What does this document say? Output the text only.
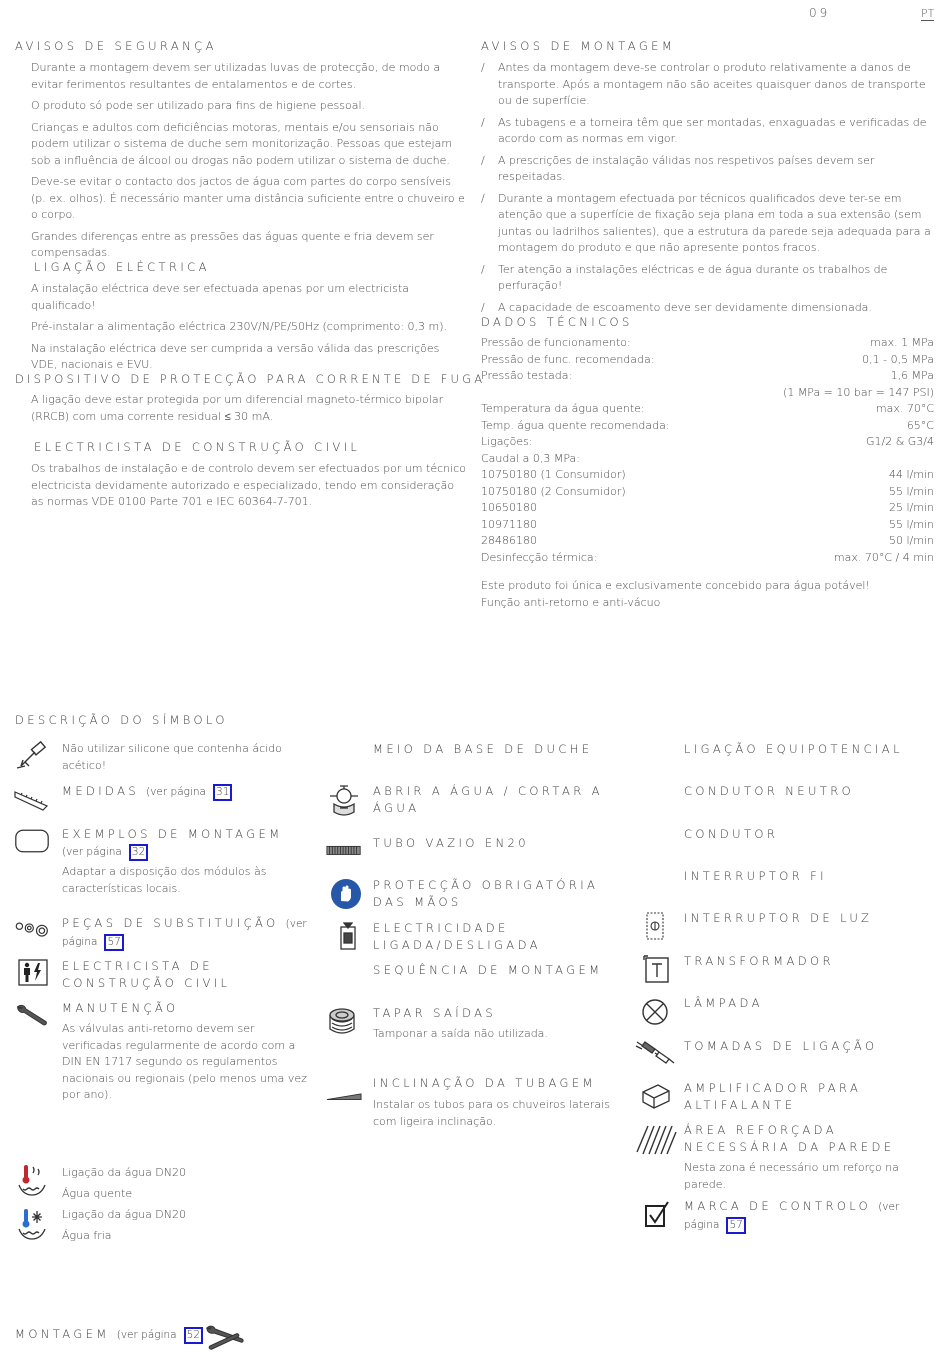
09	PT
AVISOS DE SEGURANÇA

Durante a montagem devem ser utilizadas luvas de protecção, de modo a evitar ferimentos resultantes de entalamentos e de cortes.

O produto só pode ser utilizado para fins de higiene pessoal.

Crianças e adultos com deficiências motoras, mentais e/ou sensoriais não podem utilizar o sistema de duche sem monitorização. Pessoas que estejam sob a influência de álcool ou drogas não podem utilizar o sistema de duche.

Deve-se evitar o contacto dos jactos de água com partes do corpo sensíveis (p. ex. olhos). É necessário manter uma distância suficiente entre o chuveiro e o corpo.

Grandes diferenças entre as pressões das águas quente e fria devem ser compensadas.

LIGAÇÃO ELÉCTRICA

A instalação eléctrica deve ser efectuada apenas por um electricista qualificado!

Pré-instalar a alimentação eléctrica 230V/N/PE/50Hz (comprimento: 0,3 m).

Na instalação eléctrica deve ser cumprida a versão válida das prescrições VDE, nacionais e EVU.

DISPOSITIVO DE PROTECÇÃO PARA CORRENTE DE FUGA

A ligação deve estar protegida por um diferencial magneto-térmico bipolar (RRCB) com uma corrente residual ≤ 30 mA.

ELECTRICISTA DE CONSTRUÇÃO CIVIL

Os trabalhos de instalação e de controlo devem ser efectuados por um técnico electricista devidamente autorizado e especializado, tendo em consideração as normas VDE 0100 Parte 701 e IEC 60364-7-701.

AVISOS DE MONTAGEM
/ Antes da montagem deve-se controlar o produto relativamente a danos de transporte. Após a montagem não são aceites quaisquer danos de transporte ou de superfície.
/ As tubagens e a torneira têm que ser montadas, enxaguadas e verificadas de acordo com as normas em vigor.
/ A prescrições de instalação válidas nos respetivos países devem ser respeitadas.
/ Durante a montagem efectuada por técnicos qualificados deve ter-se em atenção que a superfície de fixação seja plana em toda a sua extensão (sem juntas ou ladrilhos salientes), que a estrutura da parede seja adequada para a montagem do produto e que não apresente pontos fracos.
/ Ter atenção a instalações eléctricas e de água durante os trabalhos de perfuração!
/ A capacidade de escoamento deve ser devidamente dimensionada.
DADOS TÉCNICOS
Pressão de funcionamento:	max. 1 MPa
Pressão de func. recomendada:	0,1 - 0,5 MPa
Pressão testada:	1,6 MPa
(1 MPa = 10 bar = 147 PSI)
Temperatura da água quente:	max. 70°C
Temp. água quente recomendada:	65°C
Ligações:	G1/2 & G3/4
Caudal a 0,3 MPa:
10750180 (1 Consumidor)	44 l/min
10750180 (2 Consumidor)	55 l/min
10650180	25 l/min
10971180	55 l/min
28486180	50 l/min
Desinfecção térmica:	max. 70°C / 4 min
Este produto foi única e exclusivamente concebido para água potável!
Função anti-retorno e anti-vácuo
DESCRIÇÃO DO SÍMBOLO
Não utilizar silicone que contenha ácido acético!
MEDIDAS (ver página 31
EXEMPLOS DE MONTAGEM (ver página 32
Adaptar a disposição dos módulos às características locais.
PEÇAS DE SUBSTITUIÇÃO (ver página 57
ELECTRICISTA DE CONSTRUÇÃO CIVIL
MANUTENÇÃO
As válvulas anti-retorno devem ser verificadas regularmente de acordo com a DIN EN 1717 segundo os regulamentos nacionais ou regionais (pelo menos uma vez por ano).
Ligação da água DN20
Água quente
Ligação da água DN20
Água fria
MEIO DA BASE DE DUCHE
ABRIR A ÁGUA / CORTAR A ÁGUA
TUBO VAZIO EN20
PROTECÇÃO OBRIGATÓRIA DAS MÃOS
ELECTRICIDADE LIGADA/DESLIGADA
SEQUÊNCIA DE MONTAGEM
TAPAR SAÍDAS
Tamponar a saída não utilizada.
INCLINAÇÃO DA TUBAGEM
Instalar os tubos para os chuveiros laterais com ligeira inclinação.
LIGAÇÃO EQUIPOTENCIAL
CONDUTOR NEUTRO
CONDUTOR
INTERRUPTOR FI
INTERRUPTOR DE LUZ
TRANSFORMADOR
LÂMPADA
TOMADAS DE LIGAÇÃO
AMPLIFICADOR PARA ALTIFALANTE
ÁREA REFORÇADA NECESSÁRIA DA PAREDE
Nesta zona é necessário um reforço na parede.
MARCA DE CONTROLO (ver página 57
MONTAGEM (ver página 52
